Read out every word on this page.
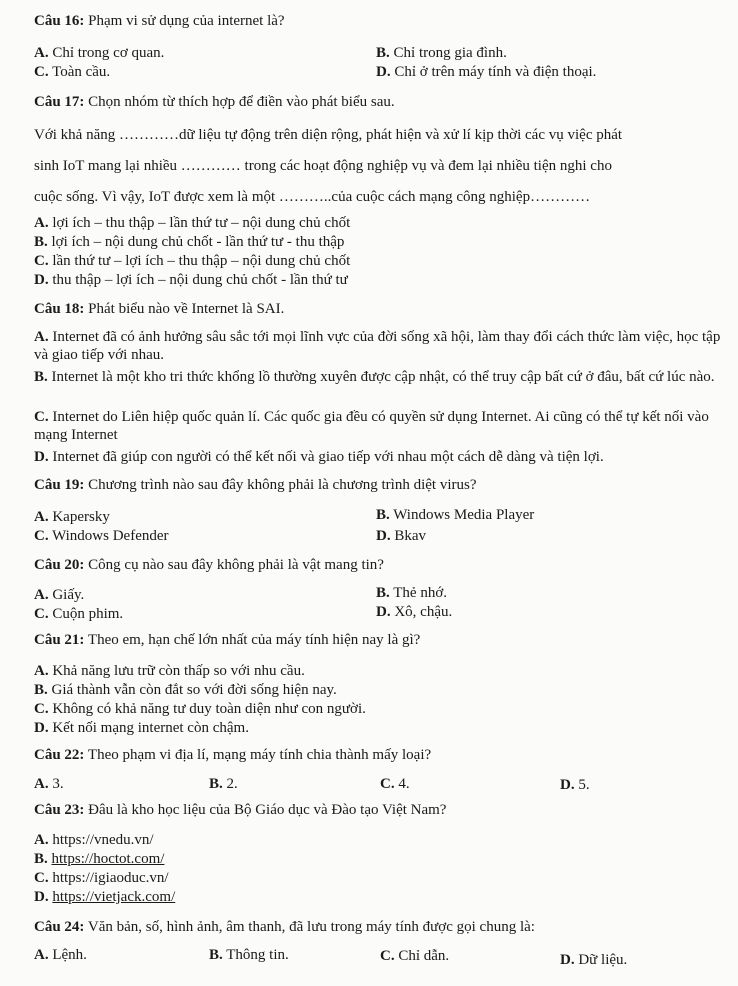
Câu 16: Phạm vi sử dụng của internet là?
A. Chỉ trong cơ quan.	B. Chỉ trong gia đình.
C. Toàn cầu.	D. Chỉ ở trên máy tính và điện thoại.
Câu 17: Chọn nhóm từ thích hợp để điền vào phát biểu sau.
Với khả năng …………dữ liệu tự động trên diện rộng, phát hiện và xử lí kịp thời các vụ việc phát
sinh IoT mang lại nhiều ………… trong các hoạt động nghiệp vụ và đem lại nhiều tiện nghi cho
cuộc sống. Vì vậy, IoT được xem là một ………..của cuộc cách mạng công nghiệp…………
A. lợi ích – thu thập – lần thứ tư – nội dung chủ chốt
B. lợi ích – nội dung chủ chốt - lần thứ tư - thu thập
C. lần thứ tư – lợi ích – thu thập – nội dung chủ chốt
D. thu thập – lợi ích – nội dung chủ chốt - lần thứ tư
Câu 18: Phát biểu nào về Internet là SAI.
A. Internet đã có ảnh hưởng sâu sắc tới mọi lĩnh vực của đời sống xã hội, làm thay đổi cách thức làm việc, học tập và giao tiếp với nhau.
B. Internet là một kho tri thức khổng lồ thường xuyên được cập nhật, có thể truy cập bất cứ ở đâu, bất cứ lúc nào.
C. Internet do Liên hiệp quốc quản lí. Các quốc gia đều có quyền sử dụng Internet. Ai cũng có thể tự kết nối vào mạng Internet
D. Internet đã giúp con người có thể kết nối và giao tiếp với nhau một cách dễ dàng và tiện lợi.
Câu 19: Chương trình nào sau đây không phải là chương trình diệt virus?
A. Kapersky	B. Windows Media Player
C. Windows Defender	D. Bkav
Câu 20: Công cụ nào sau đây không phải là vật mang tin?
A. Giấy.	B. Thẻ nhớ.
C. Cuộn phim.	D. Xô, chậu.
Câu 21: Theo em, hạn chế lớn nhất của máy tính hiện nay là gì?
A. Khả năng lưu trữ còn thấp so với nhu cầu.
B. Giá thành vẫn còn đắt so với đời sống hiện nay.
C. Không có khả năng tư duy toàn diện như con người.
D. Kết nối mạng internet còn chậm.
Câu 22: Theo phạm vi địa lí, mạng máy tính chia thành mấy loại?
A. 3.	B. 2.	C. 4.	D. 5.
Câu 23: Đâu là kho học liệu của Bộ Giáo dục và Đào tạo Việt Nam?
A. https://vnedu.vn/
B. https://hoctot.com/
C. https://igiaoduc.vn/
D. https://vietjack.com/
Câu 24: Văn bản, số, hình ảnh, âm thanh, đã lưu trong máy tính được gọi chung là:
A. Lệnh.	B. Thông tin.	C. Chỉ dẫn.	D. Dữ liệu.
